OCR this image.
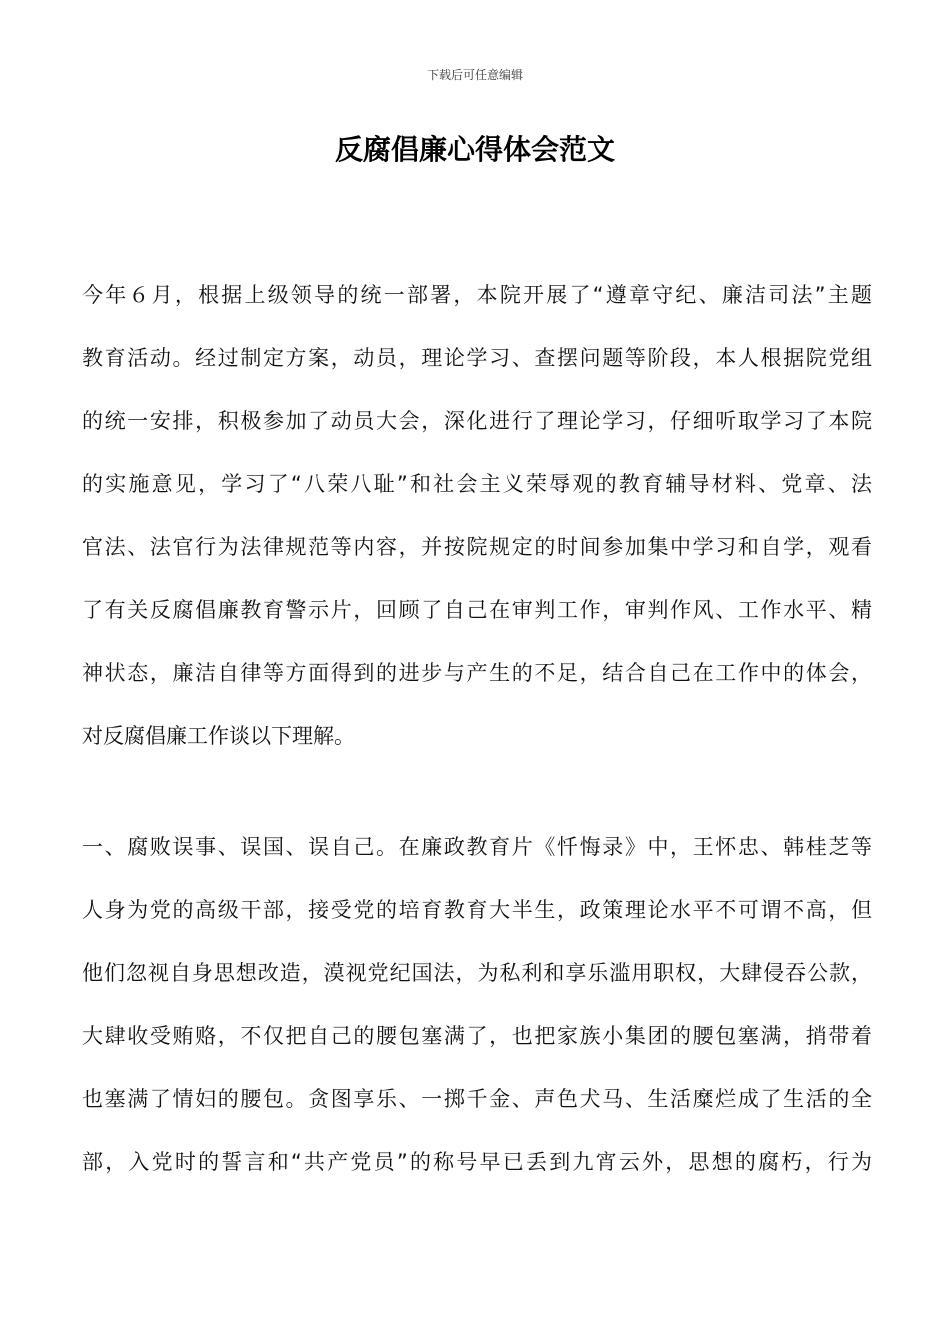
下载后可任意编辑
反腐倡廉心得体会范文
今年６月，根据上级领导的统一部署，本院开展了“遵章守纪、廉洁司法”主题
教育活动。经过制定方案，动员，理论学习、查摆问题等阶段，本人根据院党组
的统一安排，积极参加了动员大会，深化进行了理论学习，仔细听取学习了本院
的实施意见，学习了“八荣八耻”和社会主义荣辱观的教育辅导材料、党章、法
官法、法官行为法律规范等内容，并按院规定的时间参加集中学习和自学，观看
了有关反腐倡廉教育警示片，回顾了自己在审判工作，审判作风、工作水平、精
神状态，廉洁自律等方面得到的进步与产生的不足，结合自己在工作中的体会，
对反腐倡廉工作谈以下理解。
一、腐败误事、误国、误自己。在廉政教育片《忏悔录》中，王怀忠、韩桂芝等
人身为党的高级干部，接受党的培育教育大半生，政策理论水平不可谓不高，但
他们忽视自身思想改造，漠视党纪国法，为私利和享乐滥用职权，大肆侵吞公款，
大肆收受贿赂，不仅把自己的腰包塞满了，也把家族小集团的腰包塞满，捎带着
也塞满了情妇的腰包。贪图享乐、一掷千金、声色犬马、生活糜烂成了生活的全
部，入党时的誓言和“共产党员”的称号早已丢到九宵云外，思想的腐朽，行为
